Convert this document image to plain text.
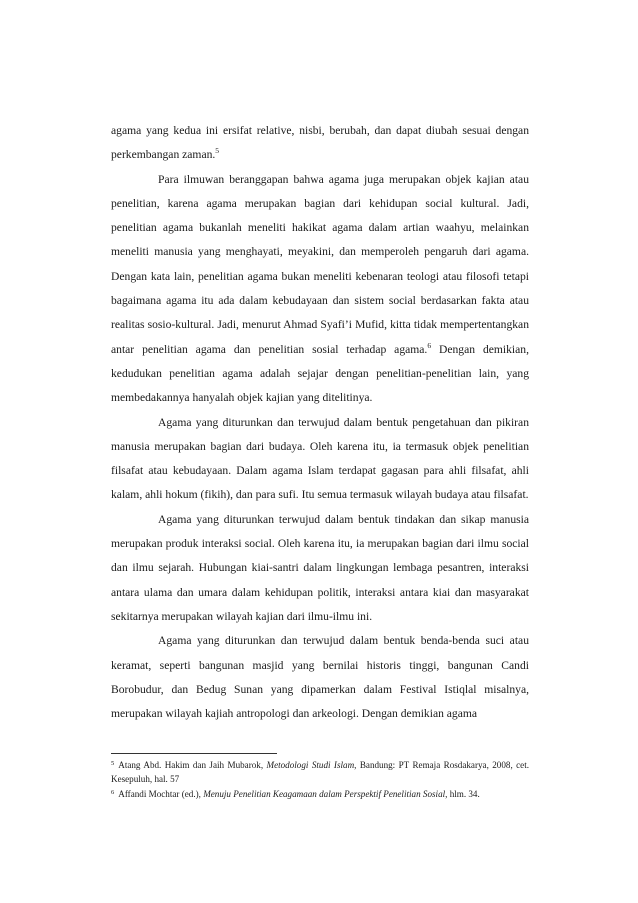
agama yang kedua ini ersifat relative, nisbi, berubah, dan dapat diubah sesuai dengan perkembangan zaman.$^5$

Para ilmuwan beranggapan bahwa agama juga merupakan objek kajian atau penelitian, karena agama merupakan bagian dari kehidupan social kultural. Jadi, penelitian agama bukanlah meneliti hakikat agama dalam artian waahyu, melainkan meneliti manusia yang menghayati, meyakini, dan memperoleh pengaruh dari agama. Dengan kata lain, penelitian agama bukan meneliti kebenaran teologi atau filosofi tetapi bagaimana agama itu ada dalam kebudayaan dan sistem social berdasarkan fakta atau realitas sosio-kultural. Jadi, menurut Ahmad Syafi’i Mufid, kitta tidak mempertentangkan antar penelitian agama dan penelitian sosial terhadap agama.$^6$ Dengan demikian, kedudukan penelitian agama adalah sejajar dengan penelitian-penelitian lain, yang membedakannya hanyalah objek kajian yang ditelitinya.

Agama yang diturunkan dan terwujud dalam bentuk pengetahuan dan pikiran manusia merupakan bagian dari budaya. Oleh karena itu, ia termasuk objek penelitian filsafat atau kebudayaan. Dalam agama Islam terdapat gagasan para ahli filsafat, ahli kalam, ahli hokum (fikih), dan para sufi. Itu semua termasuk wilayah budaya atau filsafat.

Agama yang diturunkan terwujud dalam bentuk tindakan dan sikap manusia merupakan produk interaksi social. Oleh karena itu, ia merupakan bagian dari ilmu social dan ilmu sejarah. Hubungan kiai-santri dalam lingkungan lembaga pesantren, interaksi antara ulama dan umara dalam kehidupan politik, interaksi antara kiai dan masyarakat sekitarnya merupakan wilayah kajian dari ilmu-ilmu ini.

Agama yang diturunkan dan terwujud dalam bentuk benda-benda suci atau keramat, seperti bangunan masjid yang bernilai historis tinggi, bangunan Candi Borobudur, dan Bedug Sunan yang dipamerkan dalam Festival Istiqlal misalnya, merupakan wilayah kajiah antropologi dan arkeologi. Dengan demikian agama

$^5$ Atang Abd. Hakim dan Jaih Mubarok, Metodologi Studi Islam, Bandung: PT Remaja Rosdakarya, 2008, cet. Kesepuluh, hal. 57

$^6$ Affandi Mochtar (ed.), Menuju Penelitian Keagamaan dalam Perspektif Penelitian Sosial, hlm. 34.
